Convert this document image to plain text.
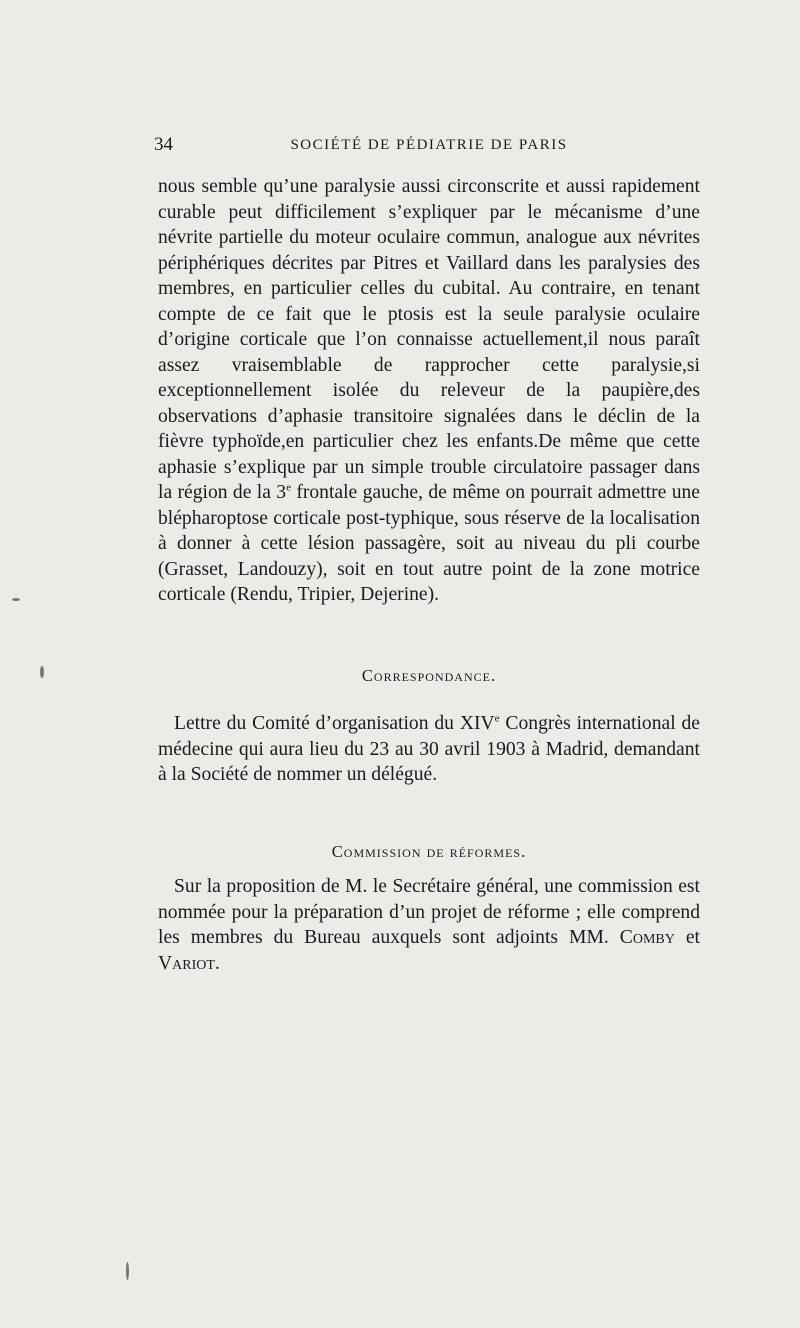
34	SOCIÉTÉ DE PÉDIATRIE DE PARIS

nous semble qu’une paralysie aussi circonscrite et aussi rapidement curable peut difficilement s’expliquer par le mécanisme d’une névrite partielle du moteur oculaire commun, analogue aux névrites périphériques décrites par Pitres et Vaillard dans les paralysies des membres, en particulier celles du cubital. Au contraire, en tenant compte de ce fait que le ptosis est la seule paralysie oculaire d’origine corticale que l’on connaisse actuellement,il nous paraît assez vraisemblable de rapprocher cette paralysie,si exceptionnellement isolée du releveur de la paupière,des observations d’aphasie transitoire signalées dans le déclin de la fièvre typhoïde,en particulier chez les enfants.De même que cette aphasie s’explique par un simple trouble circulatoire passager dans la région de la 3e frontale gauche, de même on pourrait admettre une blépharoptose corticale post-typhique, sous réserve de la localisation à donner à cette lésion passagère, soit au niveau du pli courbe (Grasset, Landouzy), soit en tout autre point de la zone motrice corticale (Rendu, Tripier, Dejerine).

Correspondance.

Lettre du Comité d’organisation du XIVe Congrès international de médecine qui aura lieu du 23 au 30 avril 1903 à Madrid, demandant à la Société de nommer un délégué.

Commission de réformes.

Sur la proposition de M. le Secrétaire général, une commission est nommée pour la préparation d’un projet de réforme ; elle comprend les membres du Bureau auxquels sont adjoints MM. Comby et Variot.
